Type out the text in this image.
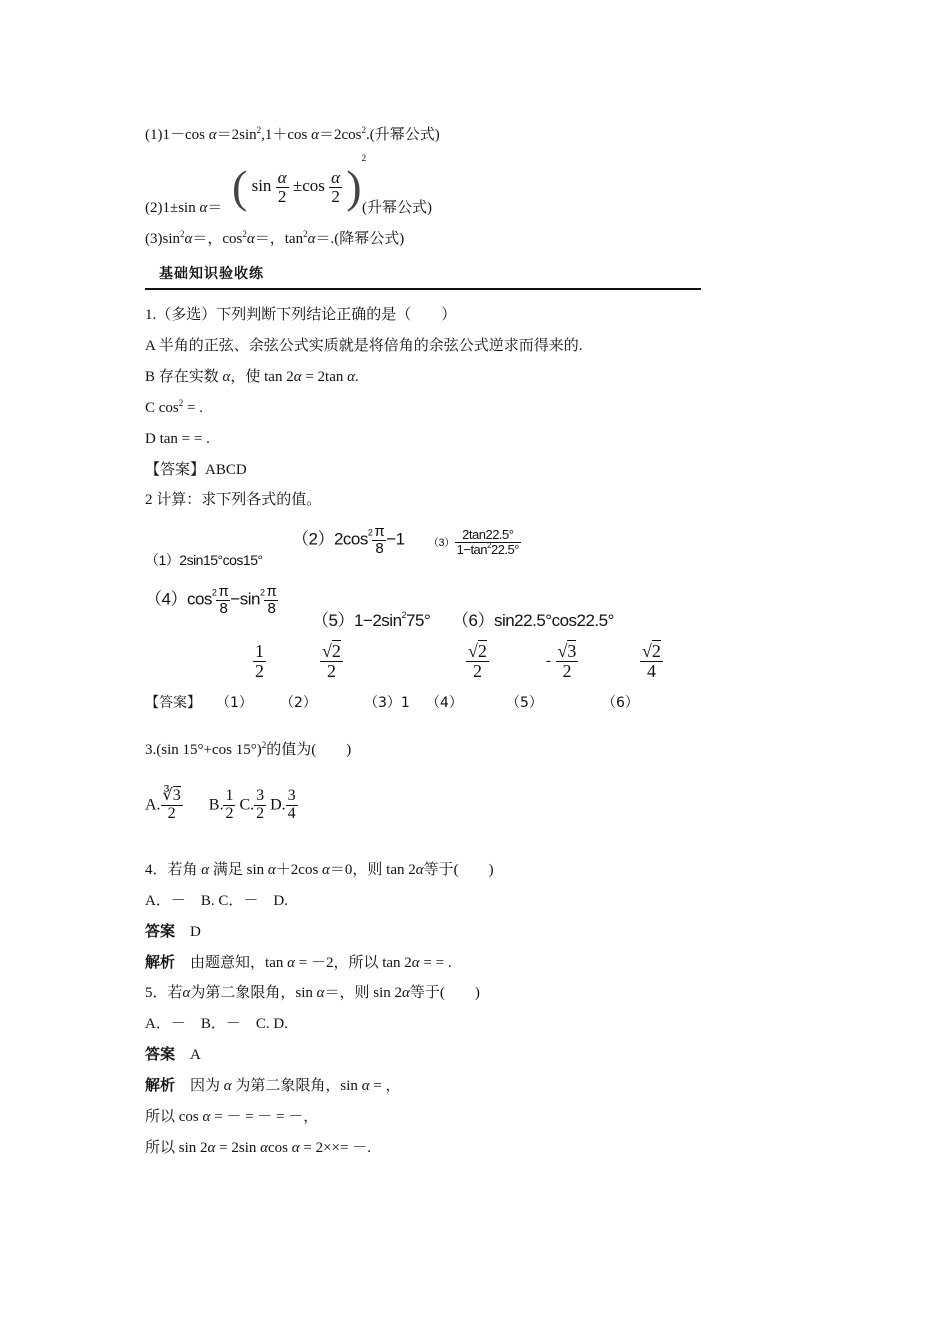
(1)1－cos $\alpha=2\sin^2,1+\cos$ $\alpha=2\cos^2$.(升幂公式)
(2)1±sin α＝ ( $\sin \frac{\alpha}{2} \pm\cos \frac{\alpha}{2} )^2$
(升幂公式)
$(3)\sin^2\alpha=$，$\cos^2\alpha=$，$\tan^2\alpha=$.(降幂公式)
基础知识验收练
1.（多选）下列判断下列结论正确的是（　　）
A 半角的正弦、余弦公式实质就是将倍角的余弦公式逆求而得来的.
B 存在实数 α，使 tan 2α = 2tan α.
C $\cos^2$ = .
D tan = = .
【答案】ABCD
2 计算：求下列各式的值。
（1）2sin15°cos15°
$(2)2\cos^2 \frac{\pi}{8} -1$ $(3) \frac{2\tan 22.5^\circ}{1-\tan^222.5^\circ}$
$(4)\cos^2 \frac{\pi}{8} -\sin^2 \frac{\pi}{8}$
$(5)1-2\sin^275^\circ$ （6）sin22.5°cos22.5°
$\frac{1}{2}$	$\frac{√2}{2}$	$\frac{√2}{2}$	- $\frac{√3}{2}$	$\frac{√2}{4}$
【答案】 （1） （2）	（3）1 （4）	（5）	（6）
3.(sin 15°+cos 15°)$^2$的值为(　　)
A. $\frac{∛3}{2} B$. $\frac{1}{2} C$. $\frac{3}{2} D$. $\frac{3}{4}$
4．若角 α 满足 sin α＋2cos α＝0，则 tan 2α等于(　　)
A．－　B. C．－　D.
答案　 D
解析　 由题意知，tan α = －2，所以 tan 2α = = .
5．若α为第二象限角，sin α＝，则 sin 2α等于(　　)
A．－　B．－　C. D.
答案　 A
解析　 因为 α 为第二象限角，sin α = ，
所以 cos α = － = － = －，
所以 sin 2α = 2sin αcos α = 2××= －.
